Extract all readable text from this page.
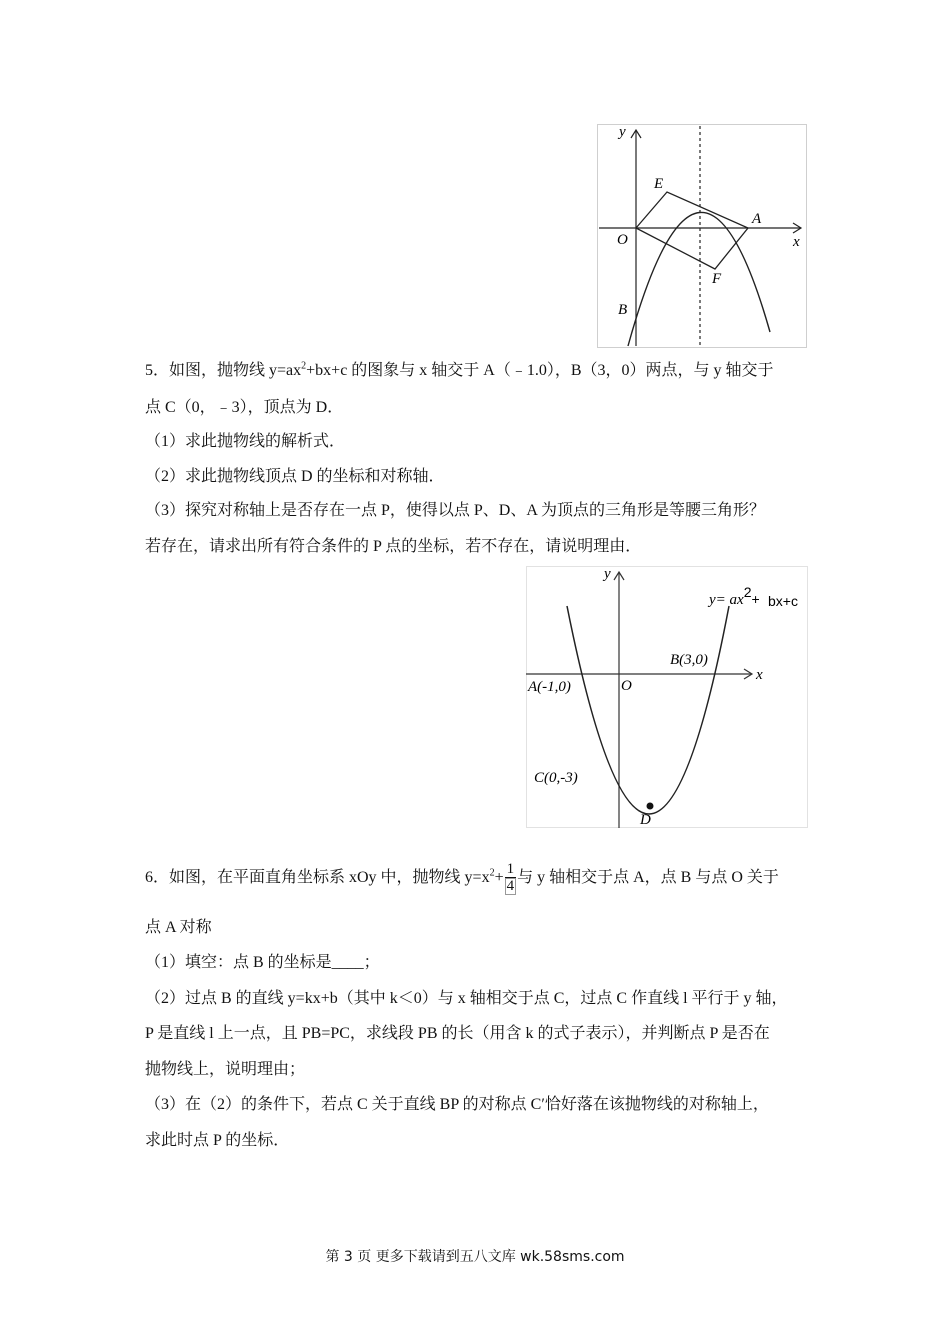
y
x
E
A
O
F
B
5．如图，抛物线 $y=ax^2+bx+c$ 的图象与 x 轴交于 A（﹣1.0），B（3，0）两点，与 y 轴交于
点 C（0，﹣3），顶点为 D．
（1）求此抛物线的解析式．
（2）求此抛物线顶点 D 的坐标和对称轴．
（3）探究对称轴上是否存在一点 P，使得以点 P、D、A 为顶点的三角形是等腰三角形？
若存在，请求出所有符合条件的 P 点的坐标，若不存在，请说明理由．
y
x
O
A(-1,0)
B(3,0)
C(0,-3)
D
y= ax2+ bx+c
6．如图，在平面直角坐标系 xOy 中，抛物线 $y=x^2+ \frac{1}{4}$ 与 y 轴相交于点 A，点 B 与点 O 关于
点 A 对称
（1）填空：点 B 的坐标是____；
（2）过点 B 的直线 y=kx+b（其中 k＜0）与 x 轴相交于点 C，过点 C 作直线 l 平行于 y 轴，
P 是直线 l 上一点，且 PB=PC，求线段 PB 的长（用含 k 的式子表示），并判断点 P 是否在
抛物线上，说明理由；
（3）在（2）的条件下，若点 C 关于直线 BP 的对称点 C′恰好落在该抛物线的对称轴上，
求此时点 P 的坐标．
第 3 页 更多下载请到五八文库 wk.58sms.com
